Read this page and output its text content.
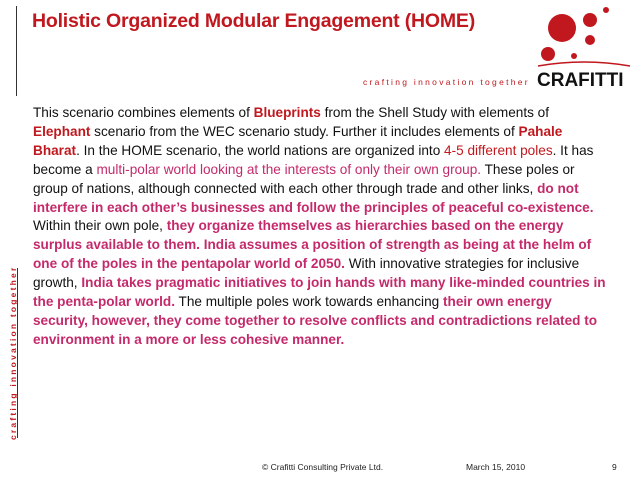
Holistic Organized Modular Engagement (HOME)
crafting innovation together CRAFITTI
crafting innovation together
This scenario combines elements of Blueprints from the Shell Study with elements of Elephant scenario from the WEC scenario study. Further it includes elements of Pahale Bharat. In the HOME scenario, the world nations are organized into 4-5 different poles. It has become a multi-polar world looking at the interests of only their own group. These poles or group of nations, although connected with each other through trade and other links, do not interfere in each other’s businesses and follow the principles of peaceful co-existence. Within their own pole, they organize themselves as hierarchies based on the energy surplus available to them. India assumes a position of strength as being at the helm of one of the poles in the pentapolar world of 2050. With innovative strategies for inclusive growth, India takes pragmatic initiatives to join hands with many like-minded countries in the penta-polar world. The multiple poles work towards enhancing their own energy security, however, they come together to resolve conflicts and contradictions related to environment in a more or less cohesive manner.
© Crafitti Consulting Private Ltd.	March 15, 2010	9
